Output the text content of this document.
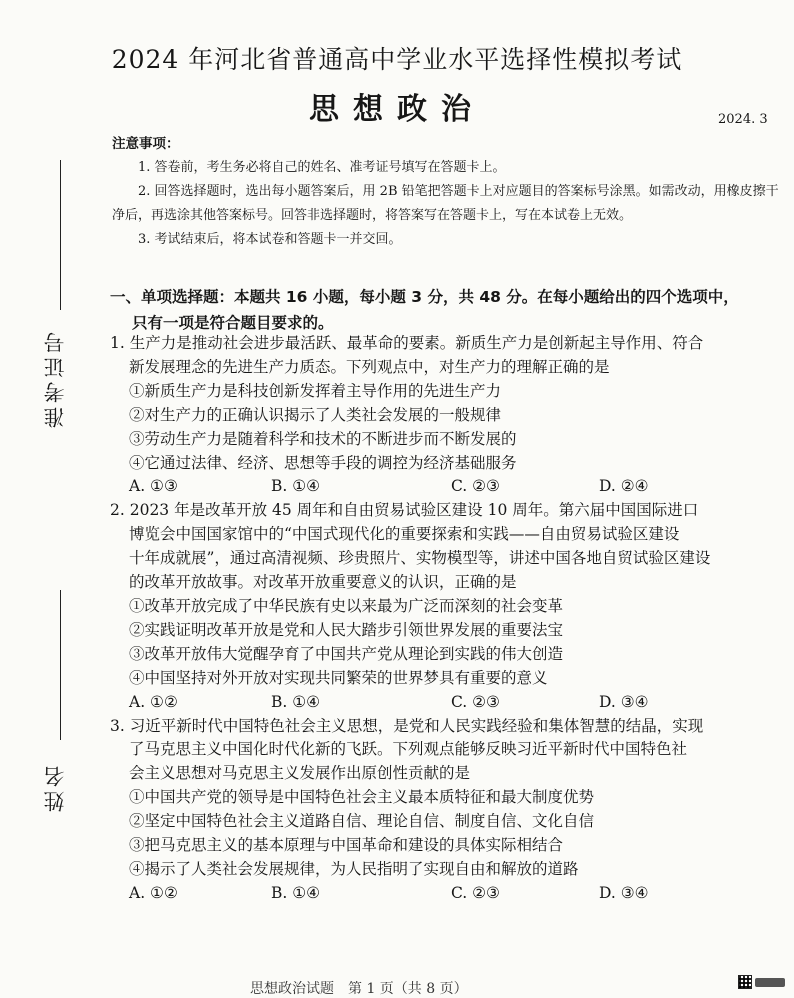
2024 年河北省普通高中学业水平选择性模拟考试
思想政治	2024. 3
准考证号
姓名
注意事项：
1. 答卷前，考生务必将自己的姓名、准考证号填写在答题卡上。
2. 回答选择题时，选出每小题答案后，用 2B 铅笔把答题卡上对应题目的答案标号涂黑。如需改动，用橡皮擦干净后，再选涂其他答案标号。回答非选择题时，将答案写在答题卡上，写在本试卷上无效。
3. 考试结束后，将本试卷和答题卡一并交回。
一、单项选择题：本题共 16 小题，每小题 3 分，共 48 分。在每小题给出的四个选项中，
只有一项是符合题目要求的。
1. 生产力是推动社会进步最活跃、最革命的要素。新质生产力是创新起主导作用、符合
新发展理念的先进生产力质态。下列观点中，对生产力的理解正确的是
①新质生产力是科技创新发挥着主导作用的先进生产力
②对生产力的正确认识揭示了人类社会发展的一般规律
③劳动生产力是随着科学和技术的不断进步而不断发展的
④它通过法律、经济、思想等手段的调控为经济基础服务
A. ①③	B. ①④	C. ②③	D. ②④
2. 2023 年是改革开放 45 周年和自由贸易试验区建设 10 周年。第六届中国国际进口
博览会中国国家馆中的“中国式现代化的重要探索和实践——自由贸易试验区建设
十年成就展”，通过高清视频、珍贵照片、实物模型等，讲述中国各地自贸试验区建设
的改革开放故事。对改革开放重要意义的认识，正确的是
①改革开放完成了中华民族有史以来最为广泛而深刻的社会变革
②实践证明改革开放是党和人民大踏步引领世界发展的重要法宝
③改革开放伟大觉醒孕育了中国共产党从理论到实践的伟大创造
④中国坚持对外开放对实现共同繁荣的世界梦具有重要的意义
A. ①②	B. ①④	C. ②③	D. ③④
3. 习近平新时代中国特色社会主义思想，是党和人民实践经验和集体智慧的结晶，实现
了马克思主义中国化时代化新的飞跃。下列观点能够反映习近平新时代中国特色社
会主义思想对马克思主义发展作出原创性贡献的是
①中国共产党的领导是中国特色社会主义最本质特征和最大制度优势
②坚定中国特色社会主义道路自信、理论自信、制度自信、文化自信
③把马克思主义的基本原理与中国革命和建设的具体实际相结合
④揭示了人类社会发展规律，为人民指明了实现自由和解放的道路
A. ①②	B. ①④	C. ②③	D. ③④
思想政治试题　第 1 页（共 8 页）
